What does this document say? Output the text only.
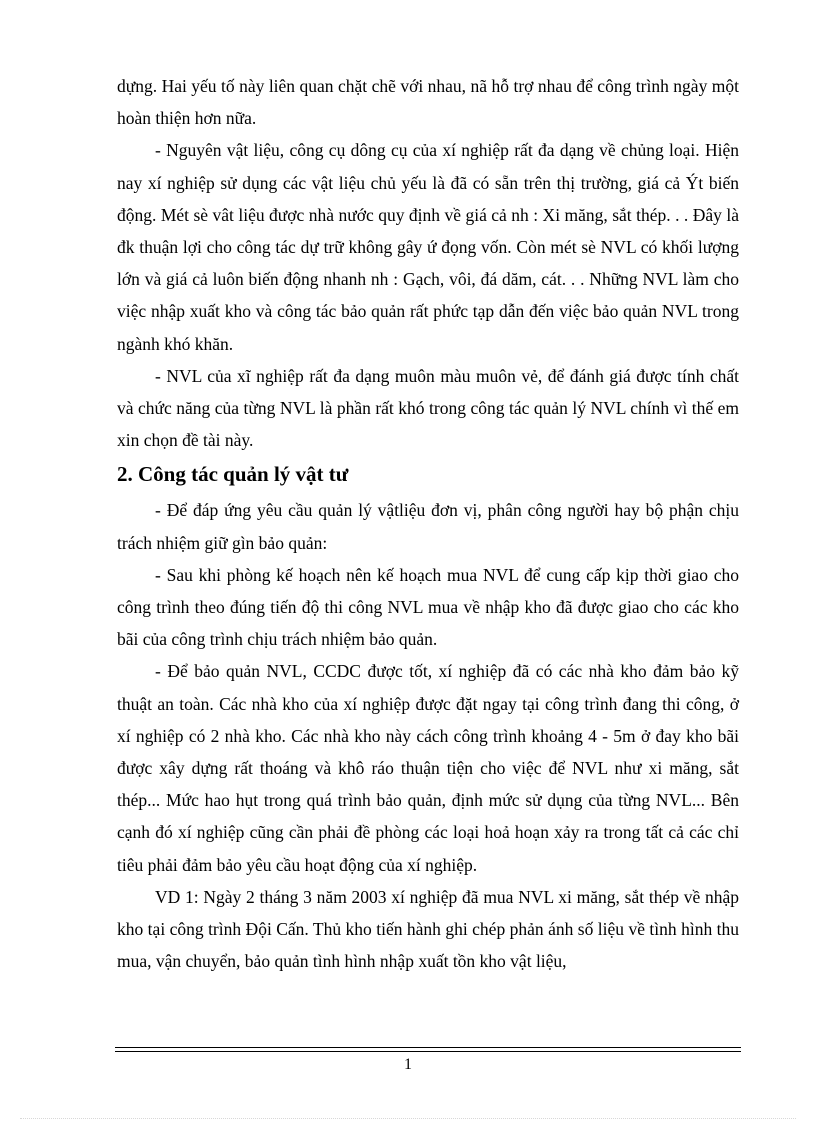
dựng. Hai yếu tố này liên quan chặt chẽ với nhau, nã hỗ trợ nhau để công trình ngày một hoàn thiện hơn nữa.

- Nguyên vật liệu, công cụ dông cụ của xí nghiệp rất đa dạng về chủng loại. Hiện nay xí nghiệp sử dụng các vật liệu chủ yếu là đã có sẵn trên thị trường, giá cả Ýt biến động. Mét sè vât liệu được nhà nước quy định về giá cả nh : Xi măng, sắt thép. . . Đây là đk thuận lợi cho công tác dự trữ không gây ứ đọng vốn. Còn mét sè NVL có khối lượng lớn và giá cả luôn biến động nhanh nh : Gạch, vôi, đá dăm, cát. . . Những NVL làm cho việc nhập xuất kho và công tác bảo quản rất phức tạp dẫn đến việc bảo quản NVL trong ngành khó khăn.

- NVL của xĩ nghiệp rất đa dạng muôn màu muôn vẻ, để đánh giá được tính chất và chức năng của từng NVL là phần rất khó trong công tác quản lý NVL chính vì thế em xin chọn đề tài này.

2. Công tác quản lý vật tư

- Để đáp ứng yêu cầu quản lý vậtliệu đơn vị, phân công người hay bộ phận chịu trách nhiệm giữ gìn bảo quản:

- Sau khi phòng kế hoạch nên kế hoạch mua NVL để cung cấp kịp thời giao cho công trình theo đúng tiến độ thi công NVL mua về nhập kho đã được giao cho các kho bãi của công trình chịu trách nhiệm bảo quản.

- Để bảo quản NVL, CCDC được tốt, xí nghiệp đã có các nhà kho đảm bảo kỹ thuật an toàn. Các nhà kho của xí nghiệp được đặt ngay tại công trình đang thi công, ở xí nghiệp có 2 nhà kho. Các nhà kho này cách công trình khoảng 4 - 5m ở đay kho bãi được xây dựng rất thoáng và khô ráo thuận tiện cho việc để NVL như xi măng, sắt thép... Mức hao hụt trong quá trình bảo quản, định mức sử dụng của từng NVL... Bên cạnh đó xí nghiệp cũng cần phải đề phòng các loại hoả hoạn xảy ra trong tất cả các chỉ tiêu phải đảm bảo yêu cầu hoạt động của xí nghiệp.

VD 1: Ngày 2 tháng 3 năm 2003 xí nghiệp đã mua NVL xi măng, sắt thép về nhập kho tại công trình Đội Cấn. Thủ kho tiến hành ghi chép phản ánh số liệu về tình hình thu mua, vận chuyển, bảo quản tình hình nhập xuất tồn kho vật liệu,

1
